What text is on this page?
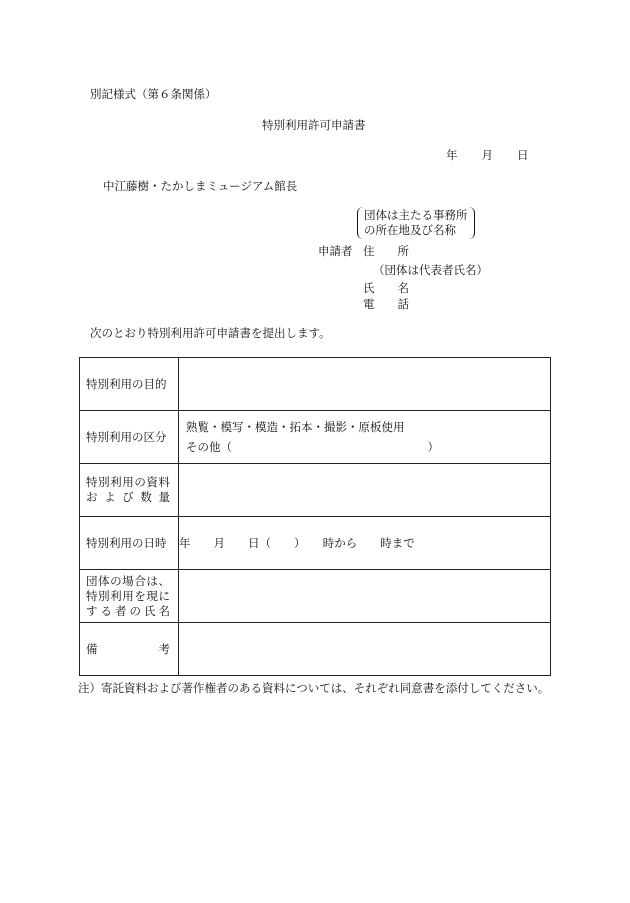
別記様式（第６条関係）
特別利用許可申請書
年 月 日
中江藤樹・たかしまミュージアム館長
団体は主たる事務所
の所在地及び名称
申請者 住　　所
（団体は代表者氏名）
氏　　名
電　　話
次のとおり特別利用許可申請書を提出します。
特別利用の目的	
特別利用の区分	熟覧・模写・模造・拓本・撮影・原板使用
その他（　　　　　　　　　　　　　　　　　）

特別利用の資料
および数量	

特別利用の日時	年　　月　　日（　　）　　時から　　時まで

団体の場合は、
特別利用を現に
する者の氏名	

備考	

注）寄託資料および著作権者のある資料については、それぞれ同意書を添付してください。
